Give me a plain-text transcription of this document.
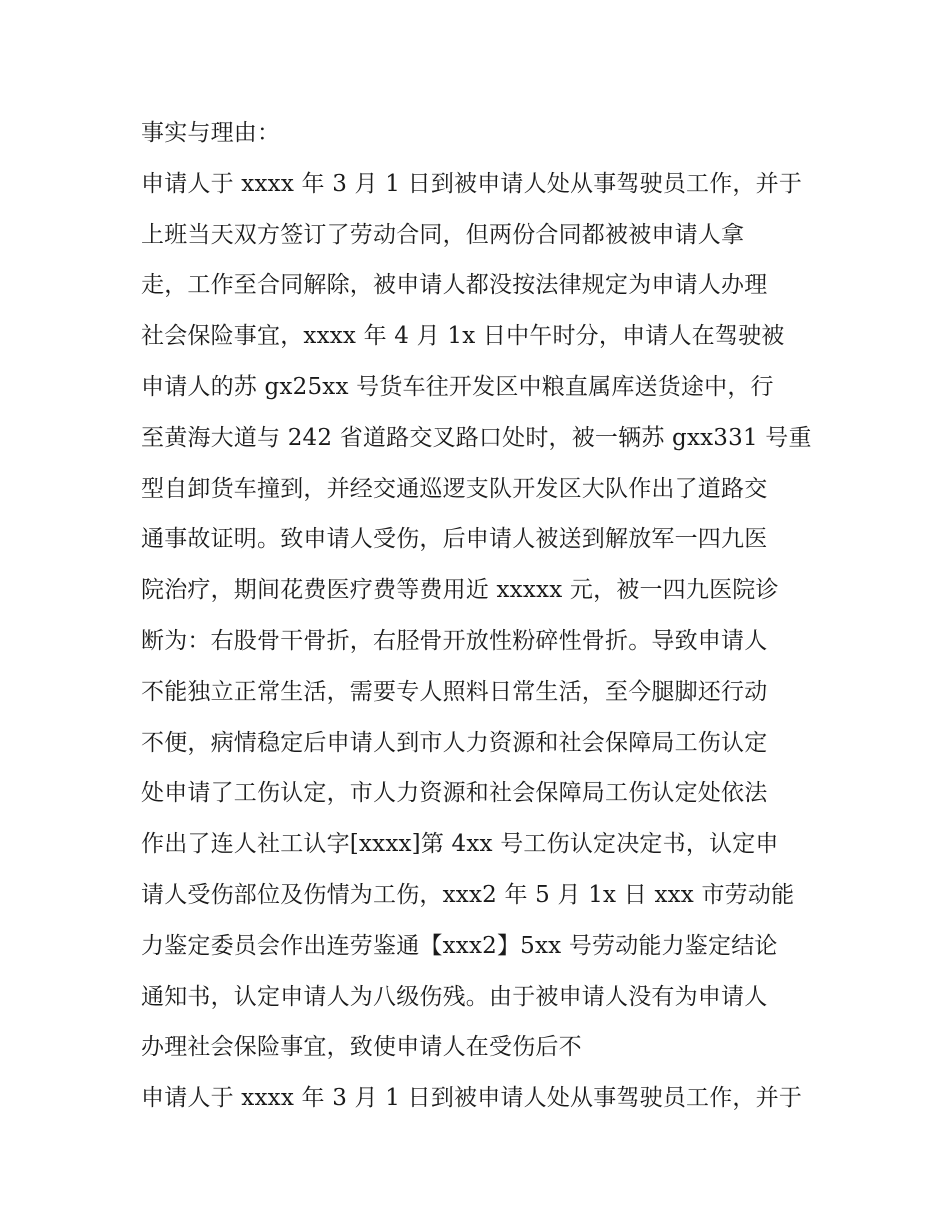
事实与理由：
申请人于 xxxx 年 3 月 1 日到被申请人处从事驾驶员工作，并于
上班当天双方签订了劳动合同，但两份合同都被被申请人拿
走，工作至合同解除，被申请人都没按法律规定为申请人办理
社会保险事宜，xxxx 年 4 月 1x 日中午时分，申请人在驾驶被
申请人的苏 gx25xx 号货车往开发区中粮直属库送货途中，行
至黄海大道与 242 省道路交叉路口处时，被一辆苏 gxx331 号重
型自卸货车撞到，并经交通巡逻支队开发区大队作出了道路交
通事故证明。致申请人受伤，后申请人被送到解放军一四九医
院治疗，期间花费医疗费等费用近 xxxxx 元，被一四九医院诊
断为：右股骨干骨折，右胫骨开放性粉碎性骨折。导致申请人
不能独立正常生活，需要专人照料日常生活，至今腿脚还行动
不便，病情稳定后申请人到市人力资源和社会保障局工伤认定
处申请了工伤认定，市人力资源和社会保障局工伤认定处依法
作出了连人社工认字[xxxx]第 4xx 号工伤认定决定书，认定申
请人受伤部位及伤情为工伤，xxx2 年 5 月 1x 日 xxx 市劳动能
力鉴定委员会作出连劳鉴通【xxx2】5xx 号劳动能力鉴定结论
通知书，认定申请人为八级伤残。由于被申请人没有为申请人
办理社会保险事宜，致使申请人在受伤后不
申请人于 xxxx 年 3 月 1 日到被申请人处从事驾驶员工作，并于
